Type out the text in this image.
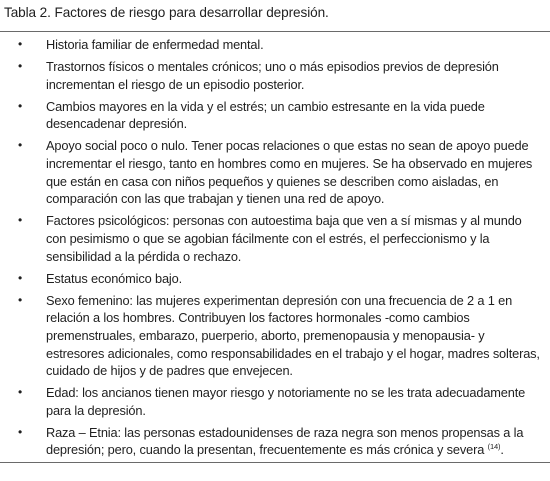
Tabla 2. Factores de riesgo para desarrollar depresión.
• Historia familiar de enfermedad mental.
• Trastornos físicos o mentales crónicos; uno o más episodios previos de depresión incrementan el riesgo de un episodio posterior.
• Cambios mayores en la vida y el estrés; un cambio estresante en la vida puede desencadenar depresión.
• Apoyo social poco o nulo. Tener pocas relaciones o que estas no sean de apoyo puede incrementar el riesgo, tanto en hombres como en mujeres. Se ha observado en mujeres que están en casa con niños pequeños y quienes se describen como aisladas, en comparación con las que trabajan y tienen una red de apoyo.
• Factores psicológicos: personas con autoestima baja que ven a sí mismas y al mundo con pesimismo o que se agobian fácilmente con el estrés, el perfeccionismo y la sensibilidad a la pérdida o rechazo.
• Estatus económico bajo.
• Sexo femenino: las mujeres experimentan depresión con una frecuencia de 2 a 1 en relación a los hombres. Contribuyen los factores hormonales -como cambios premenstruales, embarazo, puerperio, aborto, premenopausia y menopausia- y estresores adicionales, como responsabilidades en el trabajo y el hogar, madres solteras, cuidado de hijos y de padres que envejecen.
• Edad: los ancianos tienen mayor riesgo y notoriamente no se les trata adecuadamente para la depresión.
• Raza – Etnia: las personas estadounidenses de raza negra son menos propensas a la depresión; pero, cuando la presentan, frecuentemente es más crónica y severa $^{(14)}$.
